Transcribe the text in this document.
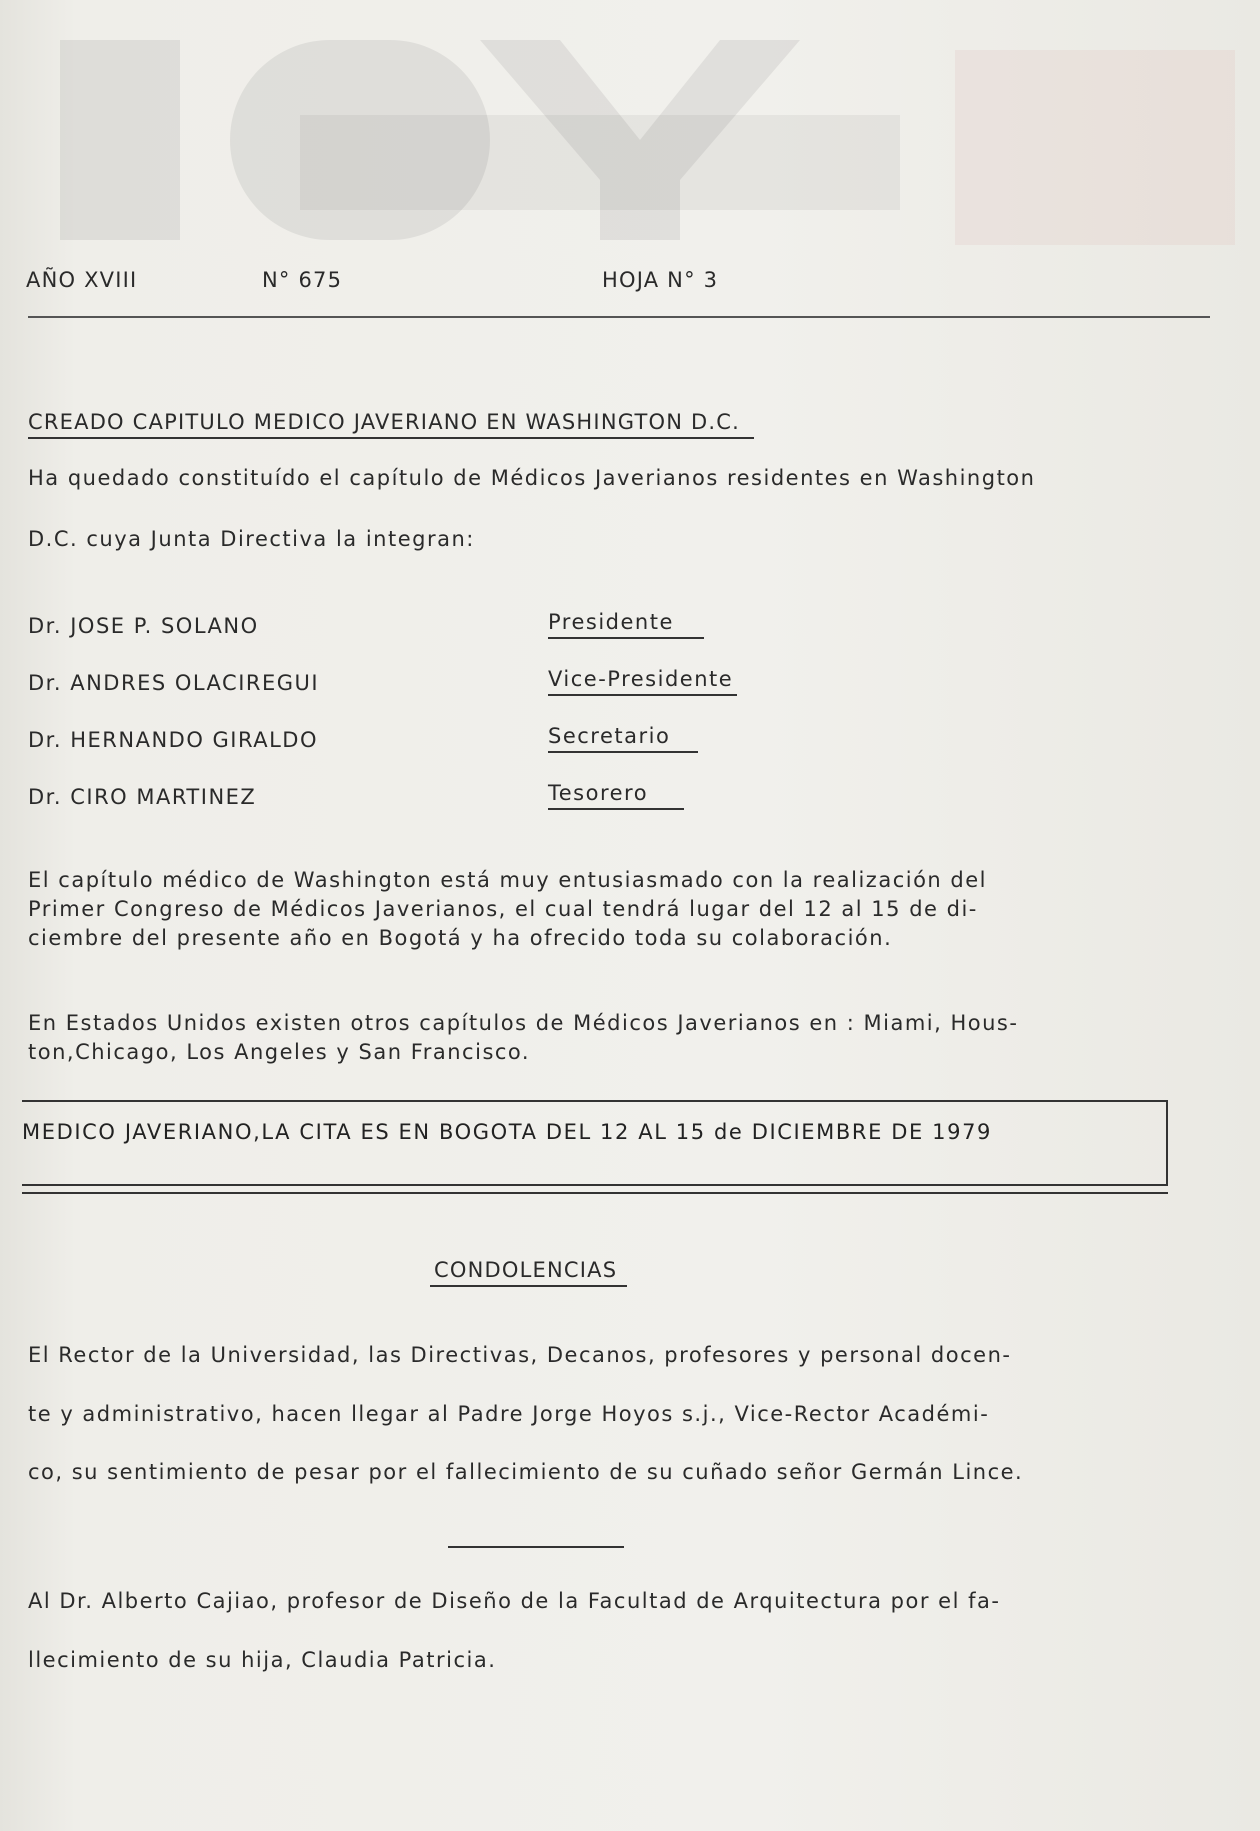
AÑO XVIII	N° 675	HOJA N° 3
CREADO CAPITULO MEDICO JAVERIANO EN WASHINGTON D.C.
Ha quedado constituído el capítulo de Médicos Javerianos residentes en Washington
D.C. cuya Junta Directiva la integran:
Dr. JOSE P. SOLANO	Presidente
Dr. ANDRES OLACIREGUI	Vice-Presidente
Dr. HERNANDO GIRALDO	Secretario
Dr. CIRO MARTINEZ	Tesorero
El capítulo médico de Washington está muy entusiasmado con la realización del
Primer Congreso de Médicos Javerianos, el cual tendrá lugar del 12 al 15 de di-
ciembre del presente año en Bogotá y ha ofrecido toda su colaboración.
En Estados Unidos existen otros capítulos de Médicos Javerianos en : Miami, Hous-
ton,Chicago, Los Angeles y San Francisco.
MEDICO JAVERIANO,LA CITA ES EN BOGOTA DEL 12 AL 15 de DICIEMBRE DE 1979
CONDOLENCIAS
El Rector de la Universidad, las Directivas, Decanos, profesores y personal docen-
te y administrativo, hacen llegar al Padre Jorge Hoyos s.j., Vice-Rector Académi-
co, su sentimiento de pesar por el fallecimiento de su cuñado señor Germán Lince.
Al Dr. Alberto Cajiao, profesor de Diseño de la Facultad de Arquitectura por el fa-
llecimiento de su hija, Claudia Patricia.
